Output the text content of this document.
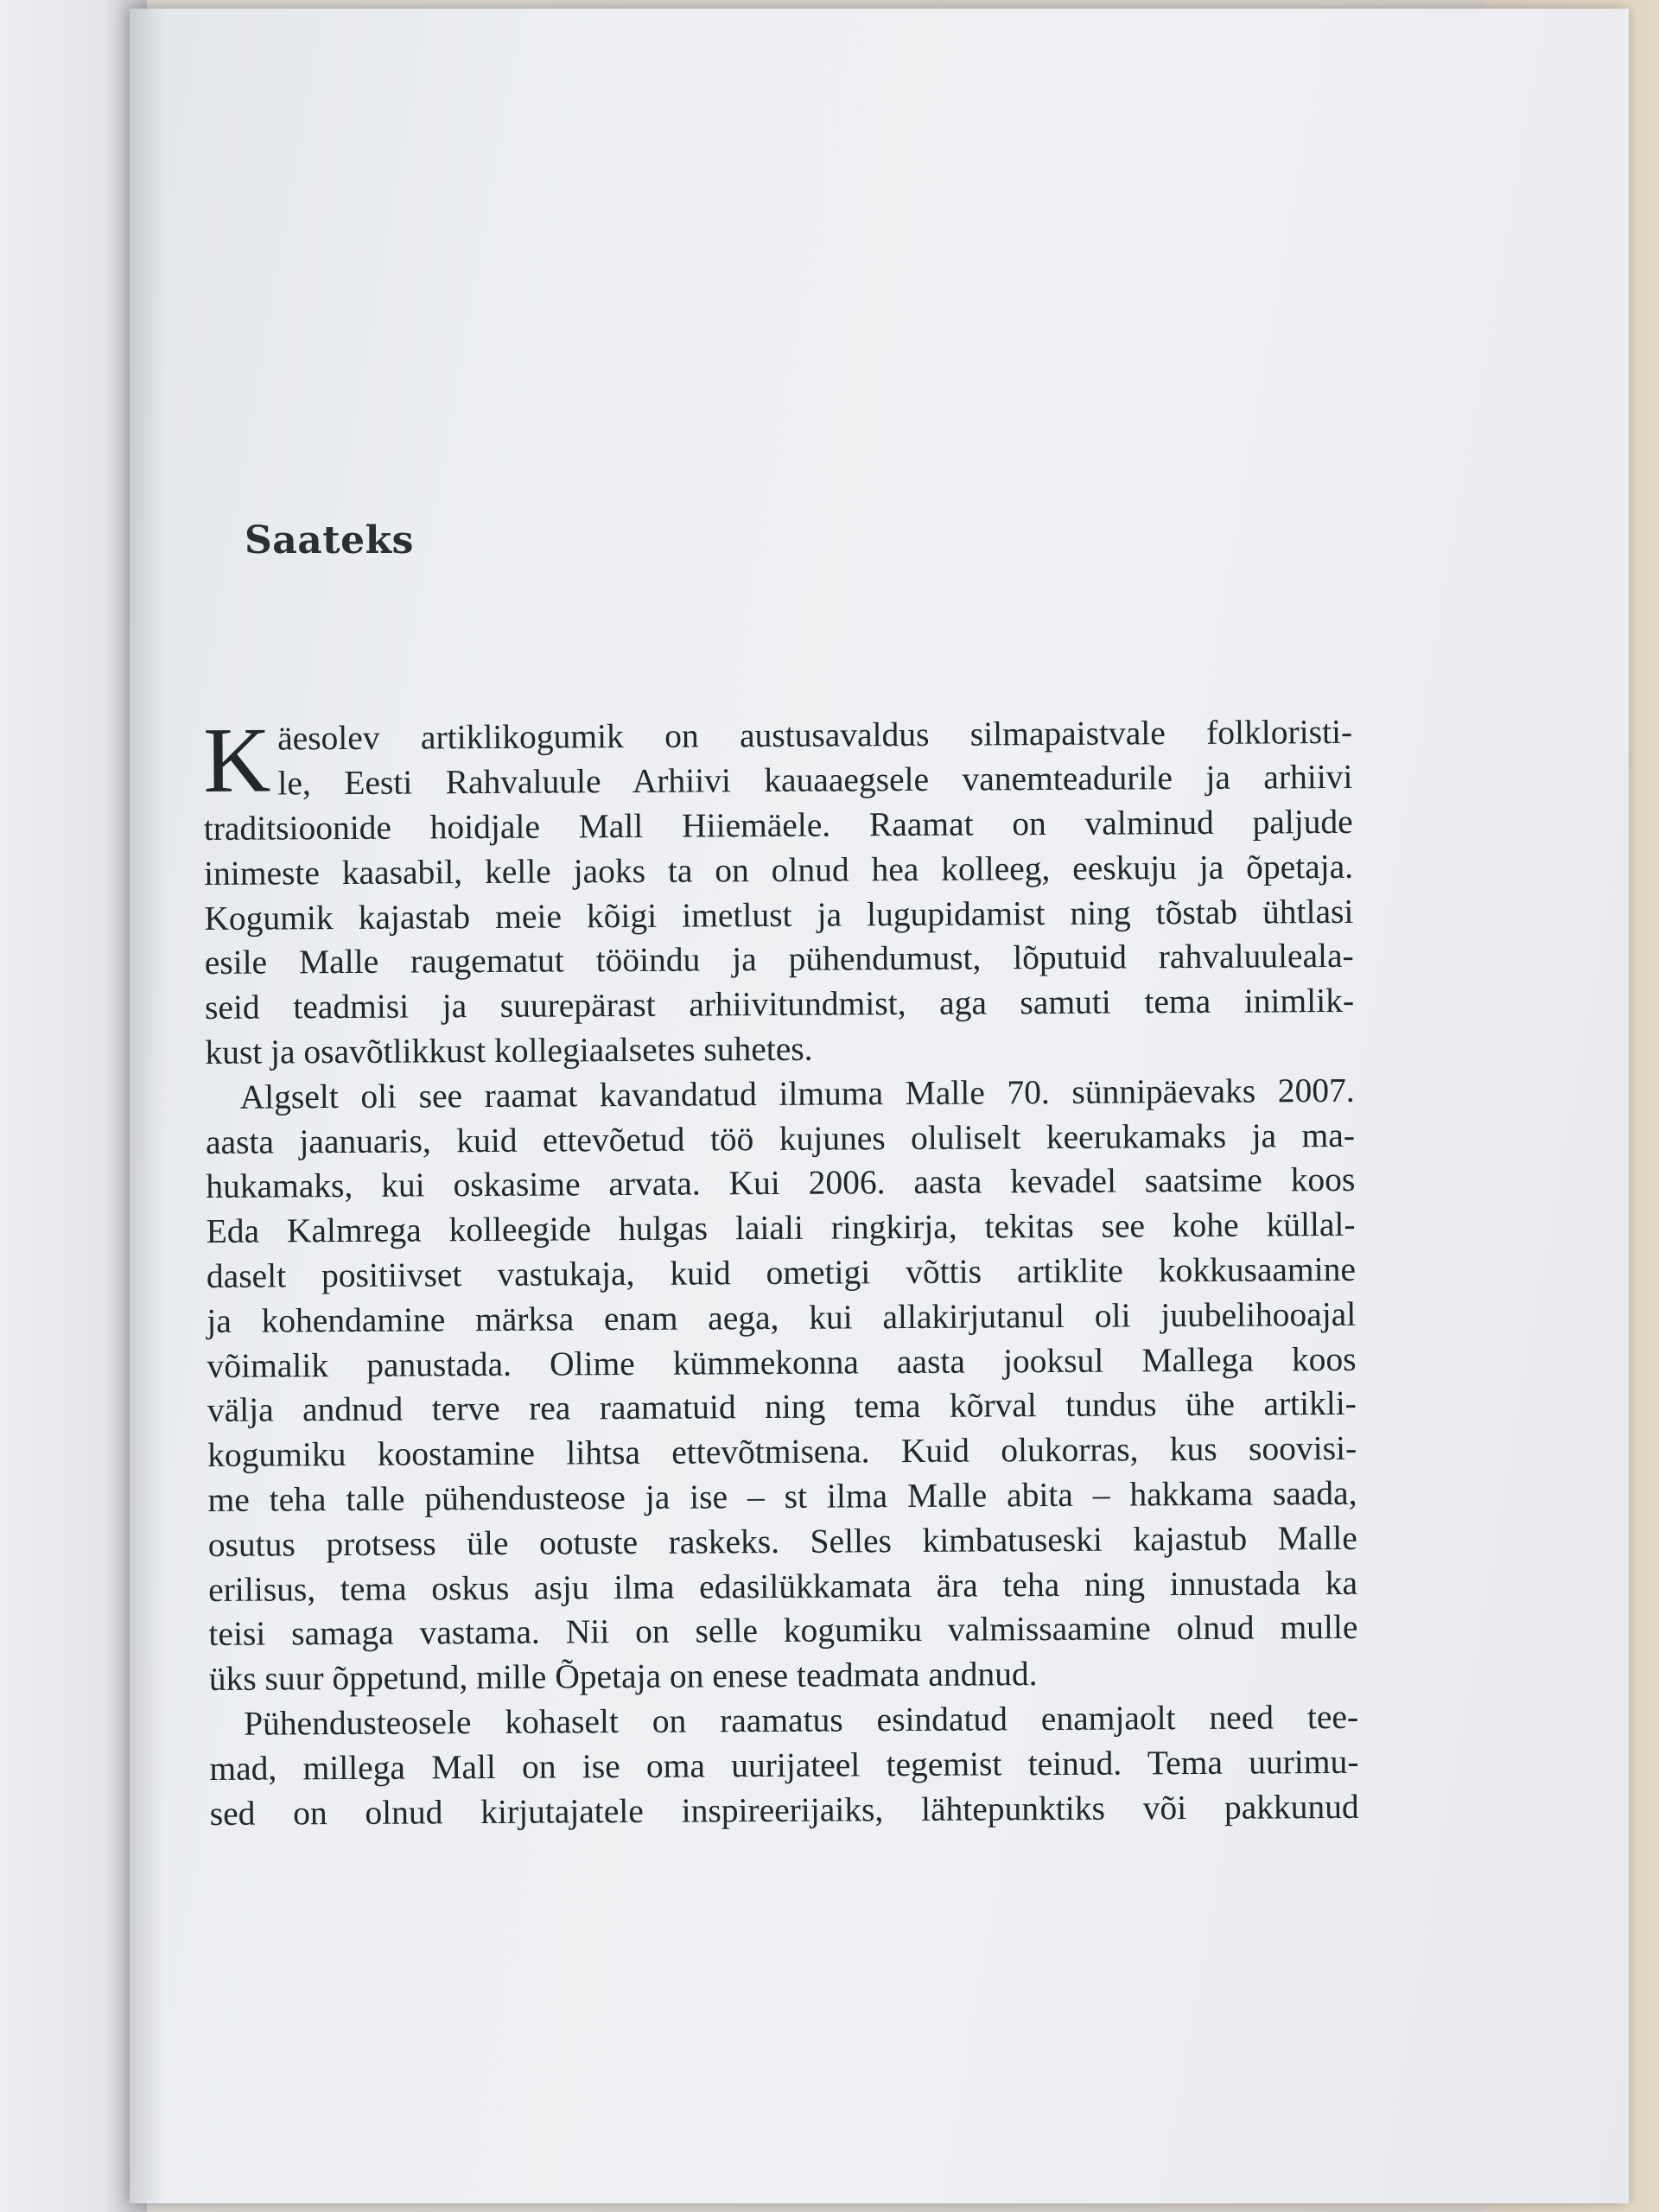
Saateks
K äesolev artiklikogumik on austusavaldus silmapaistvale folkloristi-
le, Eesti Rahvaluule Arhiivi kauaaegsele vanemteadurile ja arhiivi
traditsioonide hoidjale Mall Hiiemäele. Raamat on valminud paljude
inimeste kaasabil, kelle jaoks ta on olnud hea kolleeg, eeskuju ja õpetaja.
Kogumik kajastab meie kõigi imetlust ja lugupidamist ning tõstab ühtlasi
esile Malle raugematut tööindu ja pühendumust, lõputuid rahvaluuleala-
seid teadmisi ja suurepärast arhiivitundmist, aga samuti tema inimlik-
kust ja osavõtlikkust kollegiaalsetes suhetes.
Algselt oli see raamat kavandatud ilmuma Malle 70. sünnipäevaks 2007.
aasta jaanuaris, kuid ettevõetud töö kujunes oluliselt keerukamaks ja ma-
hukamaks, kui oskasime arvata. Kui 2006. aasta kevadel saatsime koos
Eda Kalmrega kolleegide hulgas laiali ringkirja, tekitas see kohe küllal-
daselt positiivset vastukaja, kuid ometigi võttis artiklite kokkusaamine
ja kohendamine märksa enam aega, kui allakirjutanul oli juubelihooajal
võimalik panustada. Olime kümmekonna aasta jooksul Mallega koos
välja andnud terve rea raamatuid ning tema kõrval tundus ühe artikli-
kogumiku koostamine lihtsa ettevõtmisena. Kuid olukorras, kus soovisi-
me teha talle pühendusteose ja ise – st ilma Malle abita – hakkama saada,
osutus protsess üle ootuste raskeks. Selles kimbatuseski kajastub Malle
erilisus, tema oskus asju ilma edasilükkamata ära teha ning innustada ka
teisi samaga vastama. Nii on selle kogumiku valmissaamine olnud mulle
üks suur õppetund, mille Õpetaja on enese teadmata andnud.
Pühendusteosele kohaselt on raamatus esindatud enamjaolt need tee-
mad, millega Mall on ise oma uurijateel tegemist teinud. Tema uurimu-
sed on olnud kirjutajatele inspireerijaiks, lähtepunktiks või pakkunud
